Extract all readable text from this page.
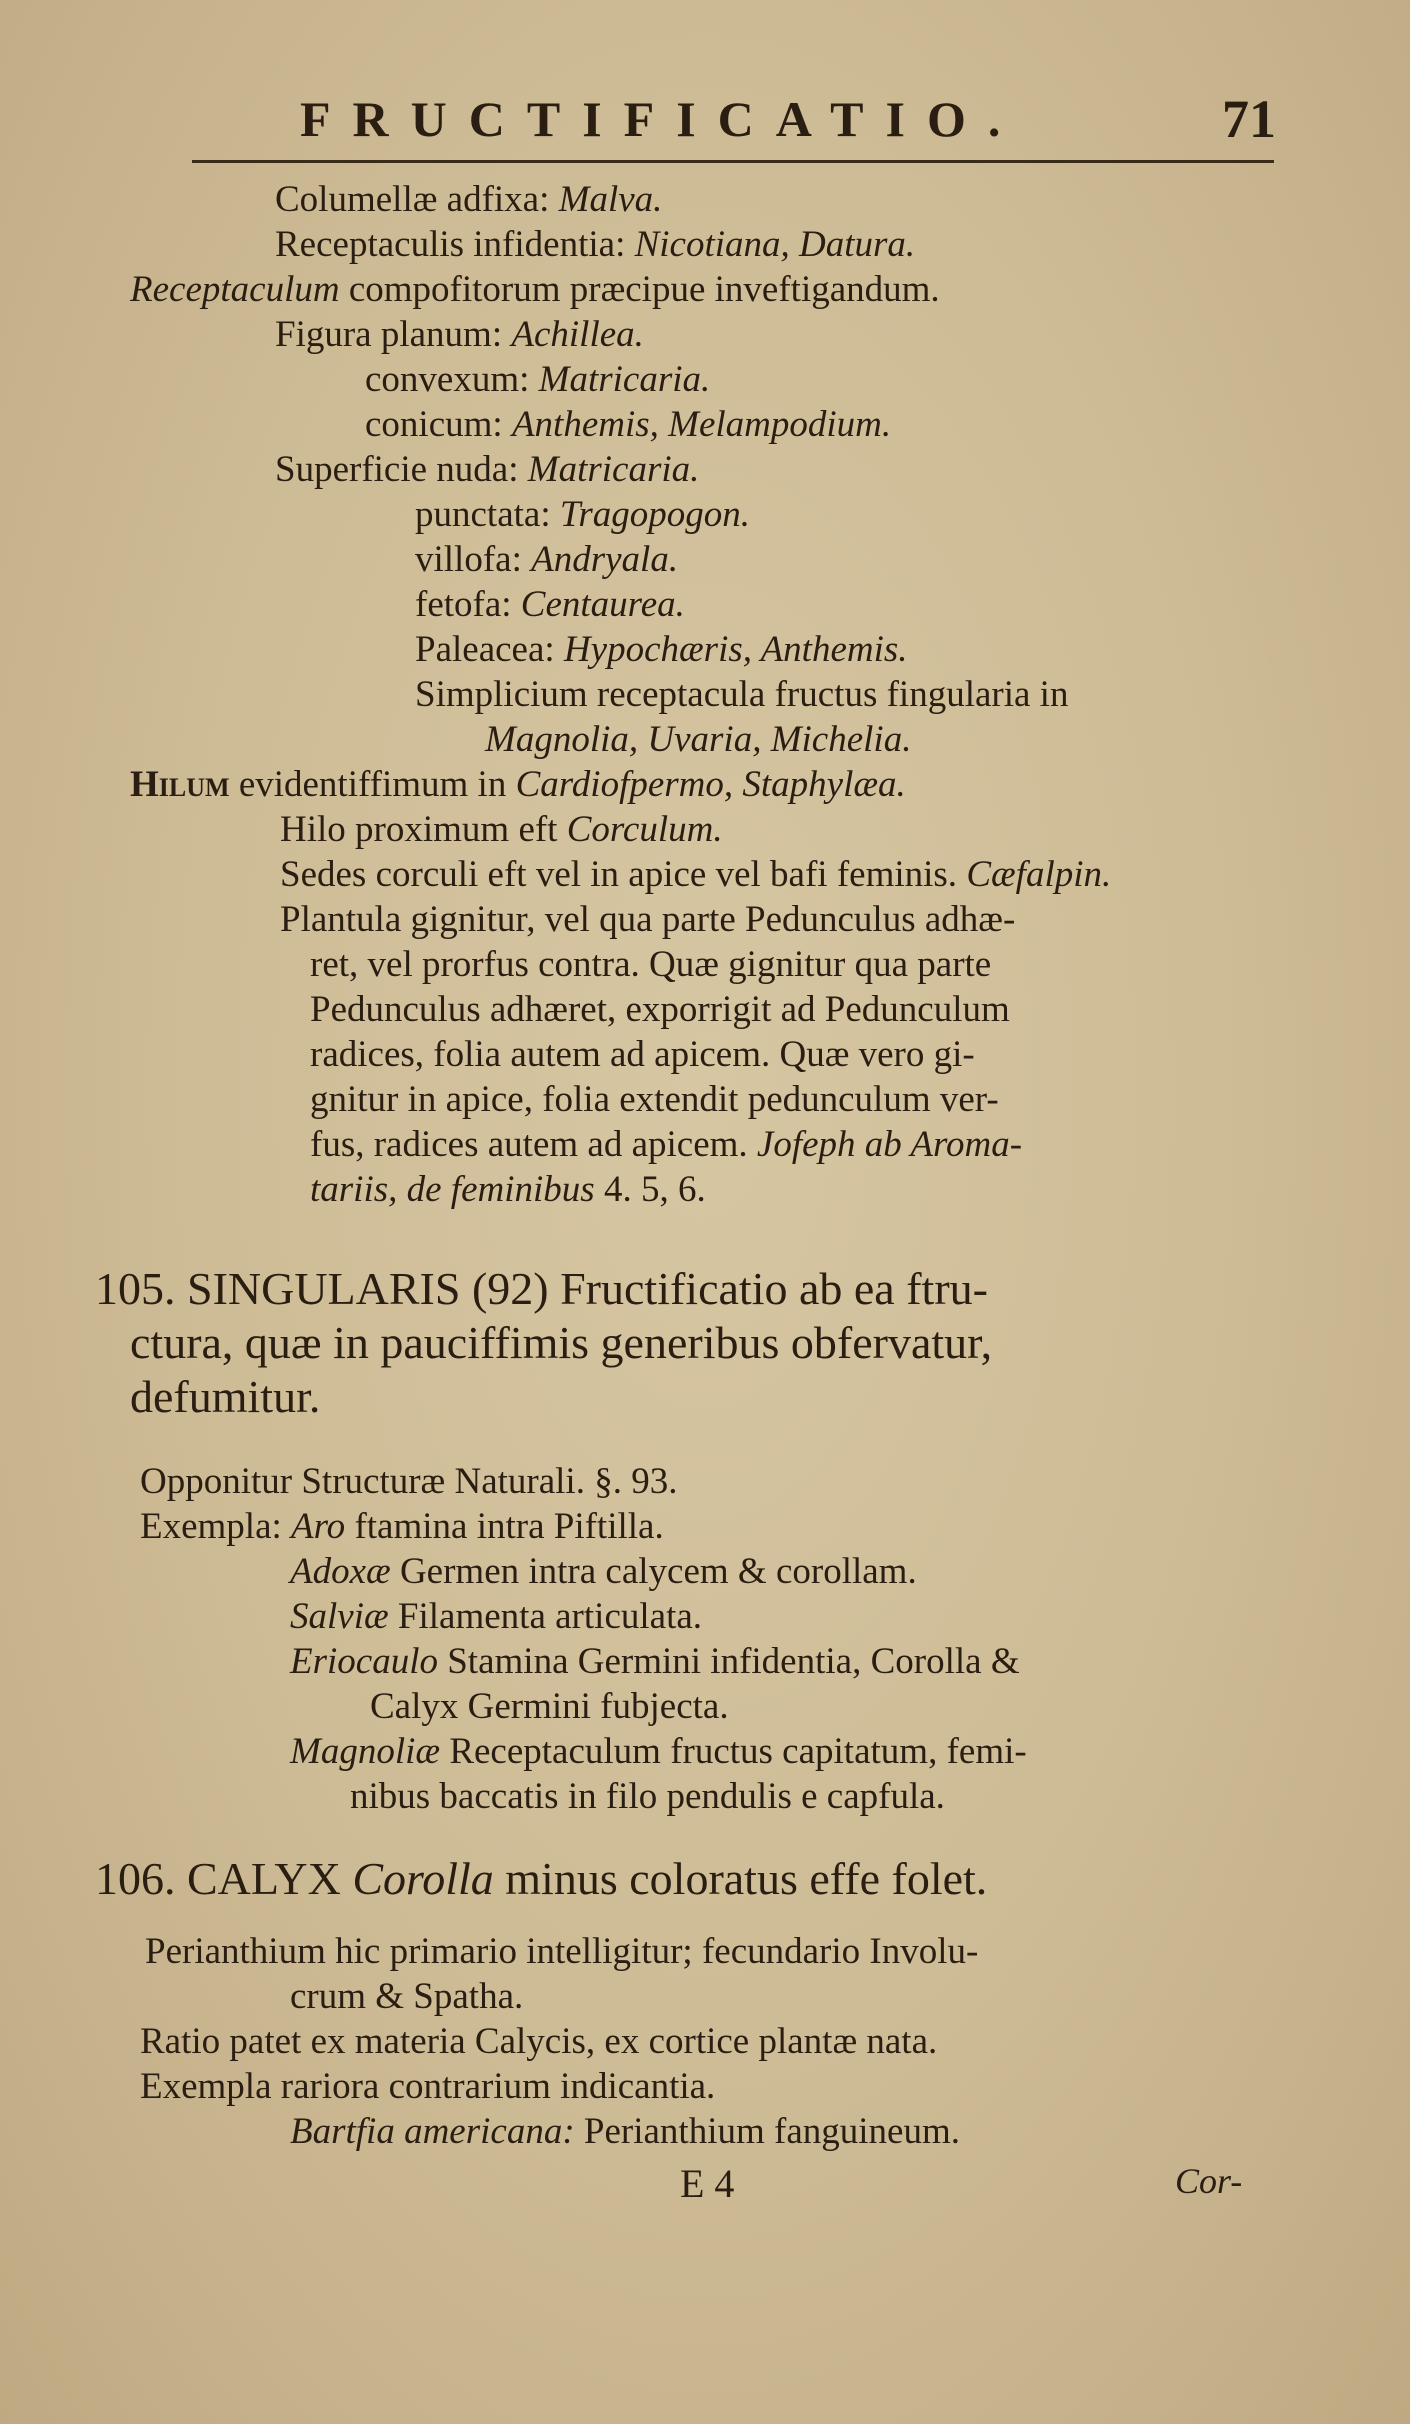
FRUCTIFICATIO.	71
Columellæ adfixa: Malva.
Receptaculis infidentia: Nicotiana, Datura.
Receptaculum compofitorum præcipue inveftigandum.
Figura planum: Achillea.
convexum: Matricaria.
conicum: Anthemis, Melampodium.
Superficie nuda: Matricaria.
punctata: Tragopogon.
villofa: Andryala.
fetofa: Centaurea.
Paleacea: Hypochæris, Anthemis.
Simplicium receptacula fructus fingularia in
Magnolia, Uvaria, Michelia.
Hilum evidentiffimum in Cardiofpermo, Staphylæa.
Hilo proximum eft Corculum.
Sedes corculi eft vel in apice vel bafi feminis. Cæfalpin.
Plantula gignitur, vel qua parte Pedunculus adhæ-
ret, vel prorfus contra. Quæ gignitur qua parte
Pedunculus adhæret, exporrigit ad Pedunculum
radices, folia autem ad apicem. Quæ vero gi-
gnitur in apice, folia extendit pedunculum ver-
fus, radices autem ad apicem. Jofeph ab Aroma-
tariis, de feminibus 4. 5, 6.
105. SINGULARIS (92) Fructificatio ab ea ftru-
ctura, quæ in pauciffimis generibus obfervatur,
defumitur.
Opponitur Structuræ Naturali. §. 93.
Exempla: Aro ftamina intra Piftilla.
Adoxæ Germen intra calycem & corollam.
Salviæ Filamenta articulata.
Eriocaulo Stamina Germini infidentia, Corolla &
Calyx Germini fubjecta.
Magnoliæ Receptaculum fructus capitatum, femi-
nibus baccatis in filo pendulis e capfula.
106. CALYX Corolla minus coloratus effe folet.
Perianthium hic primario intelligitur; fecundario Involu-
crum & Spatha.
Ratio patet ex materia Calycis, ex cortice plantæ nata.
Exempla rariora contrarium indicantia.
Bartfia americana: Perianthium fanguineum.
E 4	Cor-
